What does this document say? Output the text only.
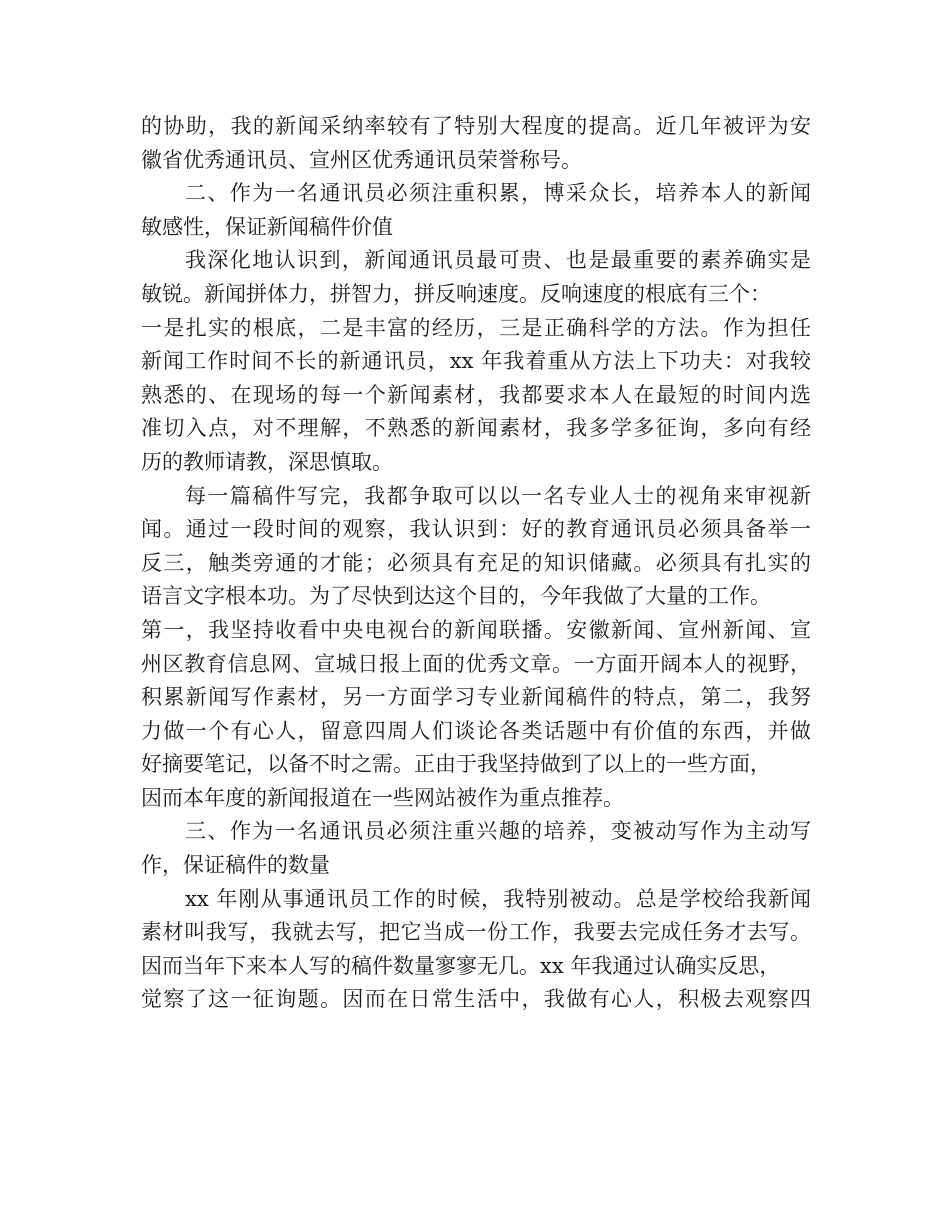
的协助，我的新闻采纳率较有了特别大程度的提高。近几年被评为安
徽省优秀通讯员、宣州区优秀通讯员荣誉称号。
二、作为一名通讯员必须注重积累，博采众长，培养本人的新闻
敏感性，保证新闻稿件价值
我深化地认识到，新闻通讯员最可贵、也是最重要的素养确实是
敏锐。新闻拼体力，拼智力，拼反响速度。反响速度的根底有三个：
一是扎实的根底，二是丰富的经历，三是正确科学的方法。作为担任
新闻工作时间不长的新通讯员，xx 年我着重从方法上下功夫：对我较
熟悉的、在现场的每一个新闻素材，我都要求本人在最短的时间内选
准切入点，对不理解，不熟悉的新闻素材，我多学多征询，多向有经
历的教师请教，深思慎取。
每一篇稿件写完，我都争取可以以一名专业人士的视角来审视新
闻。通过一段时间的观察，我认识到：好的教育通讯员必须具备举一
反三，触类旁通的才能；必须具有充足的知识储藏。必须具有扎实的
语言文字根本功。为了尽快到达这个目的，今年我做了大量的工作。
第一，我坚持收看中央电视台的新闻联播。安徽新闻、宣州新闻、宣
州区教育信息网、宣城日报上面的优秀文章。一方面开阔本人的视野，
积累新闻写作素材，另一方面学习专业新闻稿件的特点，第二，我努
力做一个有心人，留意四周人们谈论各类话题中有价值的东西，并做
好摘要笔记，以备不时之需。正由于我坚持做到了以上的一些方面，
因而本年度的新闻报道在一些网站被作为重点推荐。
三、作为一名通讯员必须注重兴趣的培养，变被动写作为主动写
作，保证稿件的数量
xx 年刚从事通讯员工作的时候，我特别被动。总是学校给我新闻
素材叫我写，我就去写，把它当成一份工作，我要去完成任务才去写。
因而当年下来本人写的稿件数量寥寥无几。xx 年我通过认确实反思，
觉察了这一征询题。因而在日常生活中，我做有心人，积极去观察四
